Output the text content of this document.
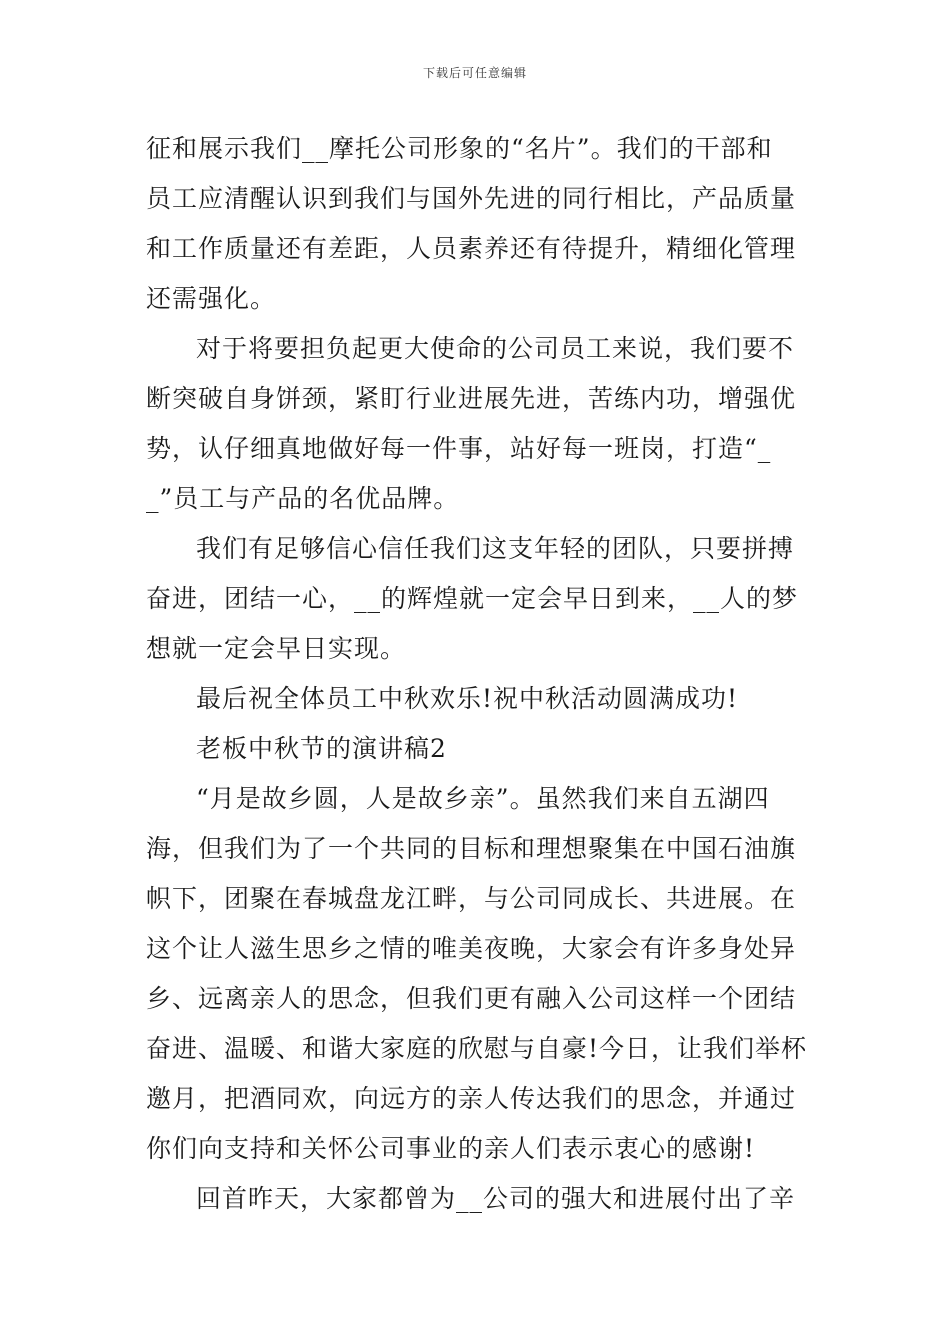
下载后可任意编辑
征和展示我们__摩托公司形象的“名片”。我们的干部和
员工应清醒认识到我们与国外先进的同行相比，产品质量
和工作质量还有差距，人员素养还有待提升，精细化管理
还需强化。
对于将要担负起更大使命的公司员工来说，我们要不
断突破自身饼颈，紧盯行业进展先进，苦练内功，增强优
势，认仔细真地做好每一件事，站好每一班岗，打造“_
_”员工与产品的名优品牌。
我们有足够信心信任我们这支年轻的团队，只要拼搏
奋进，团结一心，__的辉煌就一定会早日到来，__人的梦
想就一定会早日实现。
最后祝全体员工中秋欢乐!祝中秋活动圆满成功!
老板中秋节的演讲稿2
“月是故乡圆，人是故乡亲”。虽然我们来自五湖四
海，但我们为了一个共同的目标和理想聚集在中国石油旗
帜下，团聚在春城盘龙江畔，与公司同成长、共进展。在
这个让人滋生思乡之情的唯美夜晚，大家会有许多身处异
乡、远离亲人的思念，但我们更有融入公司这样一个团结
奋进、温暖、和谐大家庭的欣慰与自豪!今日，让我们举杯
邀月，把酒同欢，向远方的亲人传达我们的思念，并通过
你们向支持和关怀公司事业的亲人们表示衷心的感谢!
回首昨天，大家都曾为__公司的强大和进展付出了辛
